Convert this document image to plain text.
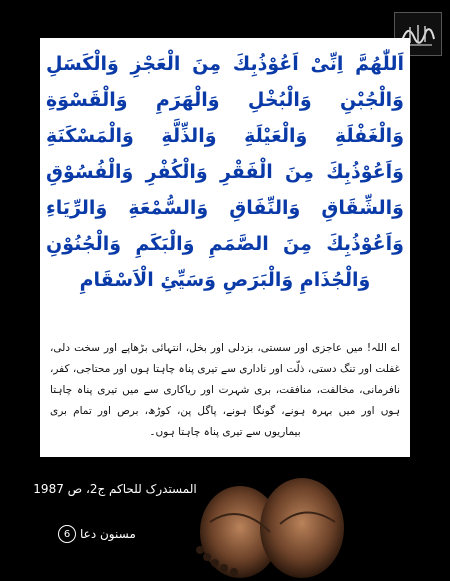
اَللّٰهُمَّ اِنِّیْ اَعُوْذُبِكَ مِنَ الْعَجْزِ وَالْكَسَلِ وَالْجُبْنِ وَالْبُخْلِ وَالْهَرَمِ وَالْقَسْوَةِ وَالْغَفْلَةِ وَالْعَيْلَةِ وَالذِّلَّةِ وَالْمَسْكَنَةِ وَاَعُوْذُبِكَ مِنَ الْفَقْرِ وَالْكُفْرِ وَالْفُسُوْقِ وَالشِّقَاقِ وَالنِّفَاقِ وَالسُّمْعَةِ وَالرِّيَاءِ وَاَعُوْذُبِكَ مِنَ الصَّمَمِ وَالْبَكَمِ وَالْجُنُوْنِ وَالْجُذَامِ وَالْبَرَصِ وَسَيِّئِ الْاَسْقَامِ
اے اللہ! میں عاجزی اور سستی، بزدلی اور بخل، انتہائی بڑھاپے اور سخت دلی، غفلت اور تنگ دستی، ذلّت اور ناداری سے تیری پناہ چاہتا ہوں اور محتاجی، کفر، نافرمانی، مخالفت، منافقت، بری شہرت اور ریاکاری سے میں تیری پناہ چاہتا ہوں اور میں بہرہ ہونے، گونگا ہونے، پاگل پن، کوڑھ، برص اور تمام بری بیماریوں سے تیری پناہ چاہتا ہوں۔
المستدرک للحاکم ج2، ص 1987
مسنون دعا
6
